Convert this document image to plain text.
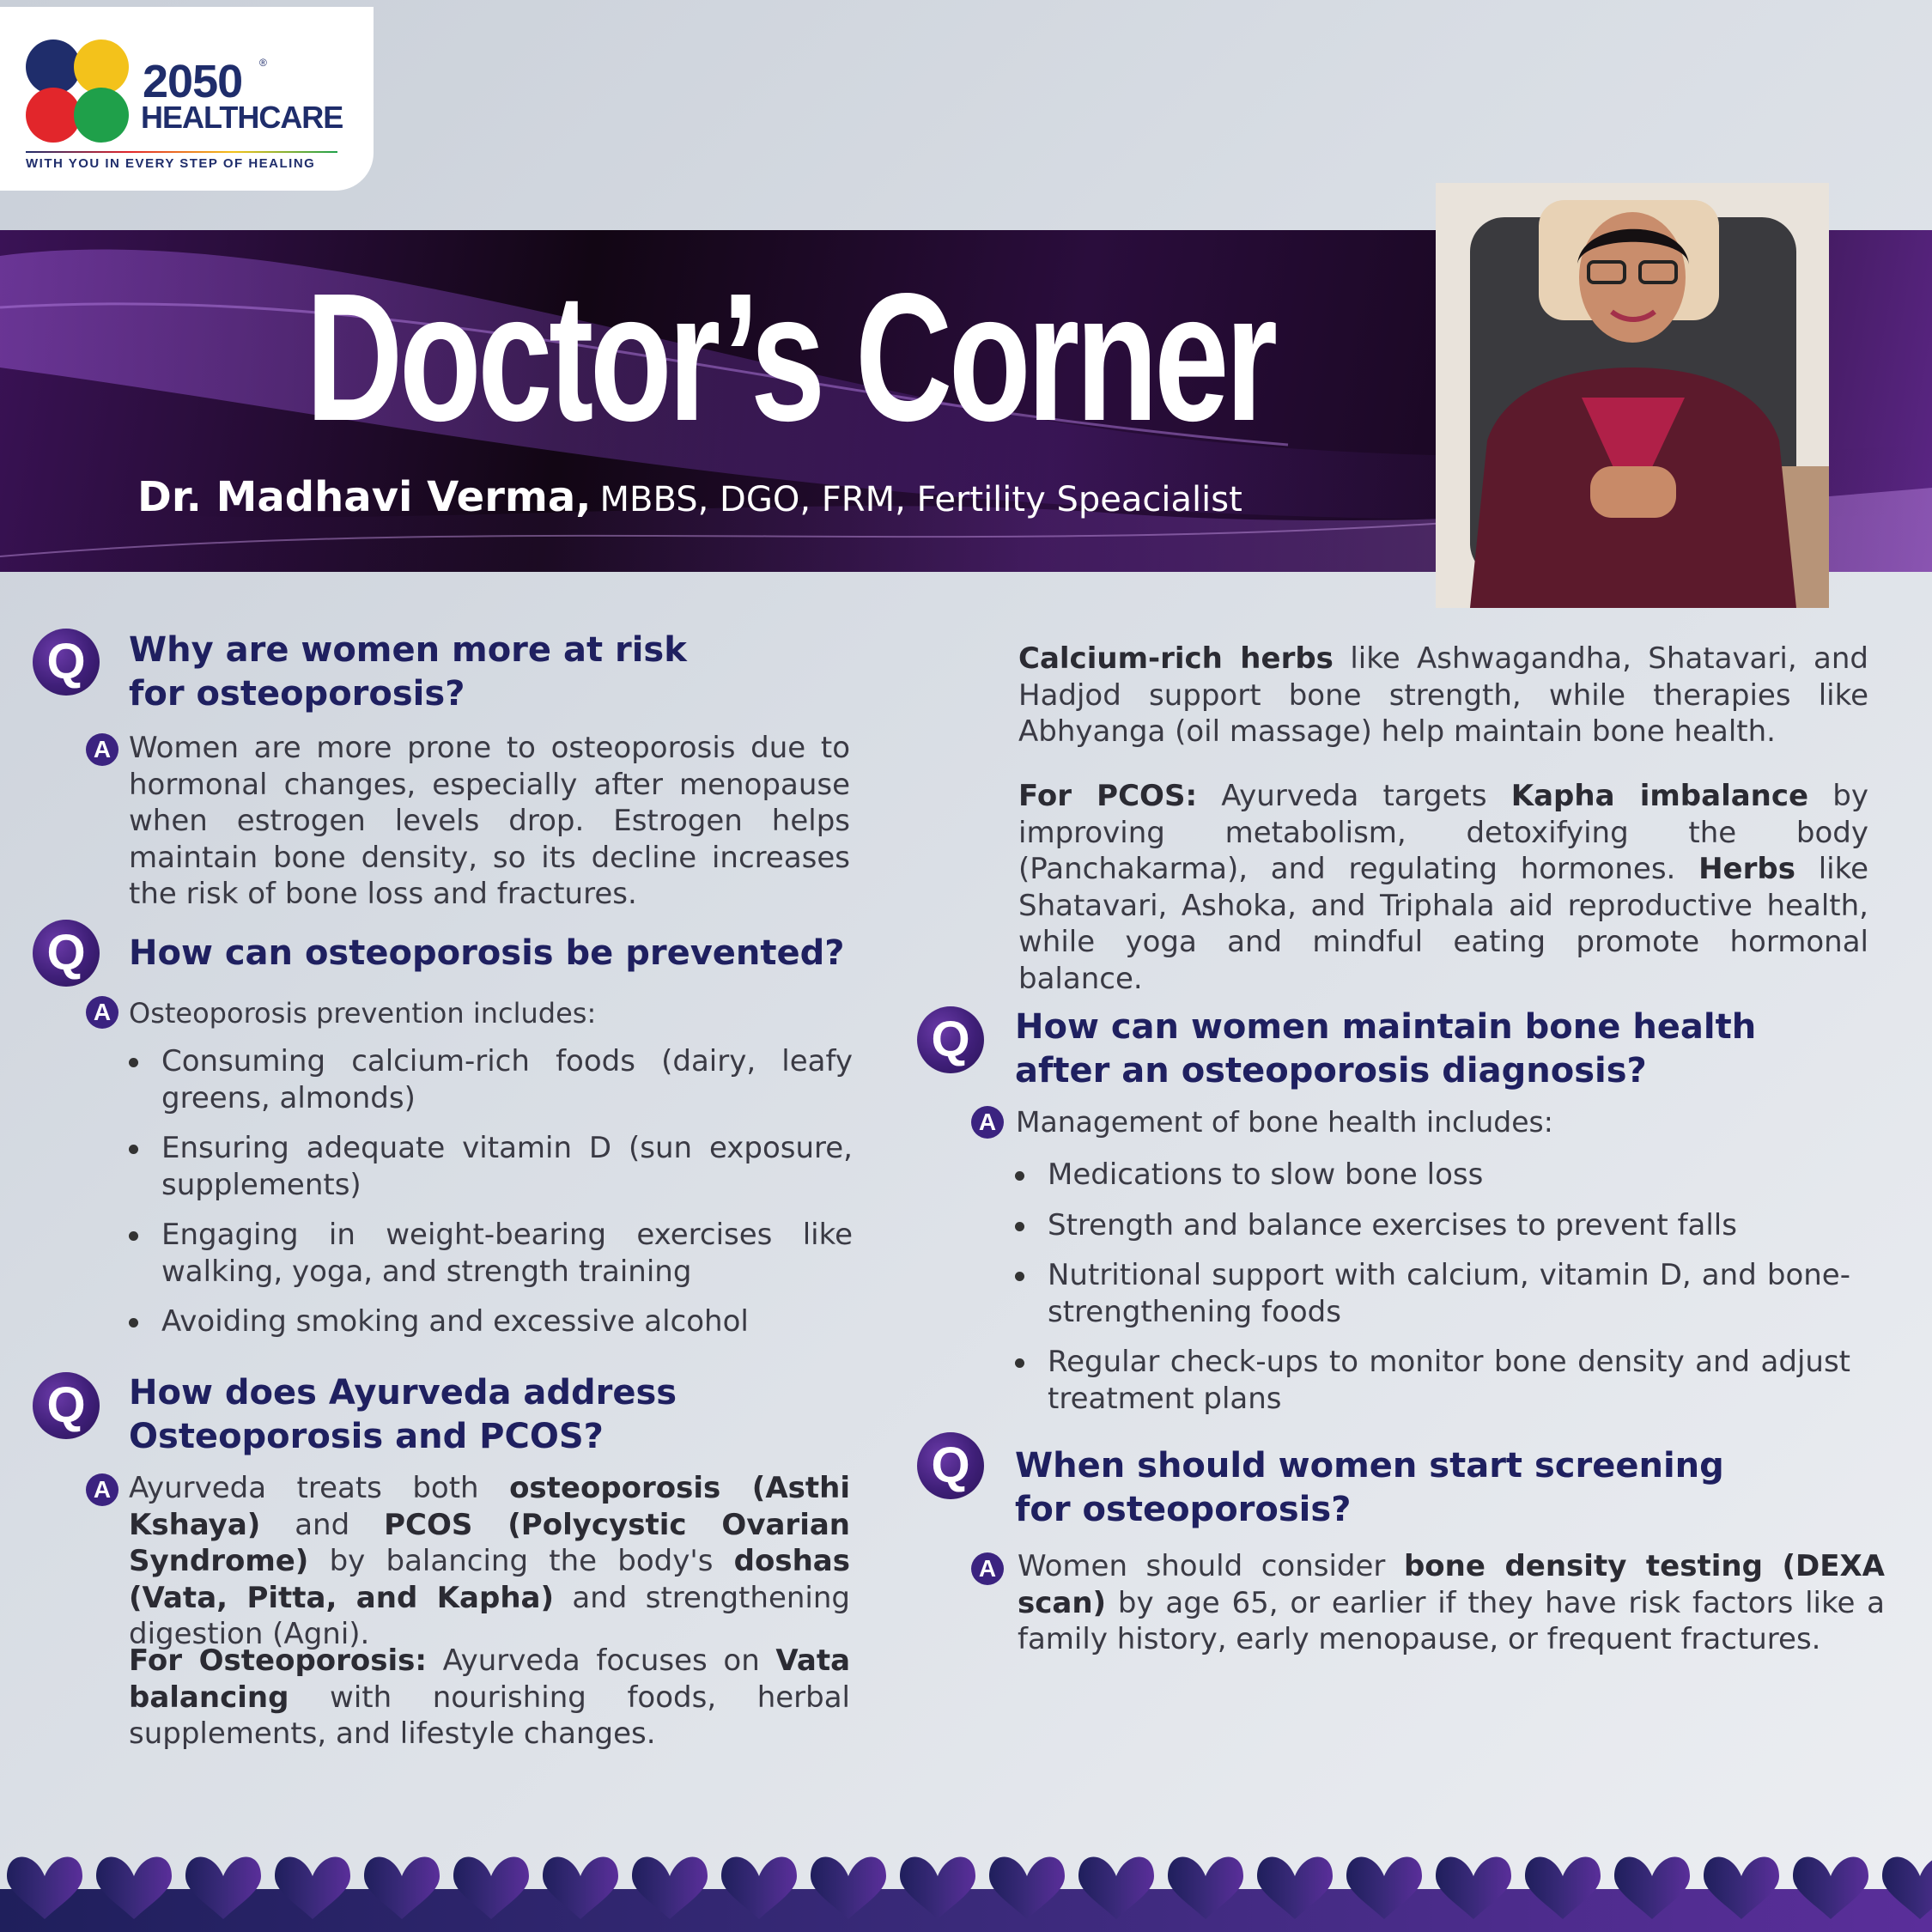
2050 ®
HEALTHCARE
WITH YOU IN EVERY STEP OF HEALING
Doctor’s Corner
Dr. Madhavi Verma, MBBS, DGO, FRM, Fertility Speacialist
Q	Why are women more at risk
for osteoporosis?
A Women are more prone to osteoporosis due to hormonal changes, especially after menopause when estrogen levels drop. Estrogen helps maintain bone density, so its decline increases the risk of bone loss and fractures.
Q	How can osteoporosis be prevented?
A Osteoporosis prevention includes:
Consuming calcium-rich foods (dairy, leafy greens, almonds)
Ensuring adequate vitamin D (sun exposure, supplements)
Engaging in weight-bearing exercises like walking, yoga, and strength training
Avoiding smoking and excessive alcohol
Q	How does Ayurveda address
Osteoporosis and PCOS?
A Ayurveda treats both osteoporosis (Asthi Kshaya) and PCOS (Polycystic Ovarian Syndrome) by balancing the body's doshas (Vata, Pitta, and Kapha) and strengthening digestion (Agni).
For Osteoporosis: Ayurveda focuses on Vata balancing with nourishing foods, herbal supplements, and lifestyle changes.
Calcium-rich herbs like Ashwagandha, Shatavari, and Hadjod support bone strength, while therapies like Abhyanga (oil massage) help maintain bone health.
For PCOS: Ayurveda targets Kapha imbalance by improving metabolism, detoxifying the body (Panchakarma), and regulating hormones. Herbs like Shatavari, Ashoka, and Triphala aid reproductive health, while yoga and mindful eating promote hormonal balance.
Q	How can women maintain bone health
after an osteoporosis diagnosis?
A Management of bone health includes:
Medications to slow bone loss
Strength and balance exercises to prevent falls
Nutritional support with calcium, vitamin D, and bone-strengthening foods
Regular check-ups to monitor bone density and adjust treatment plans
Q	When should women start screening
for osteoporosis?
A Women should consider bone density testing (DEXA scan) by age 65, or earlier if they have risk factors like a family history, early menopause, or frequent fractures.
